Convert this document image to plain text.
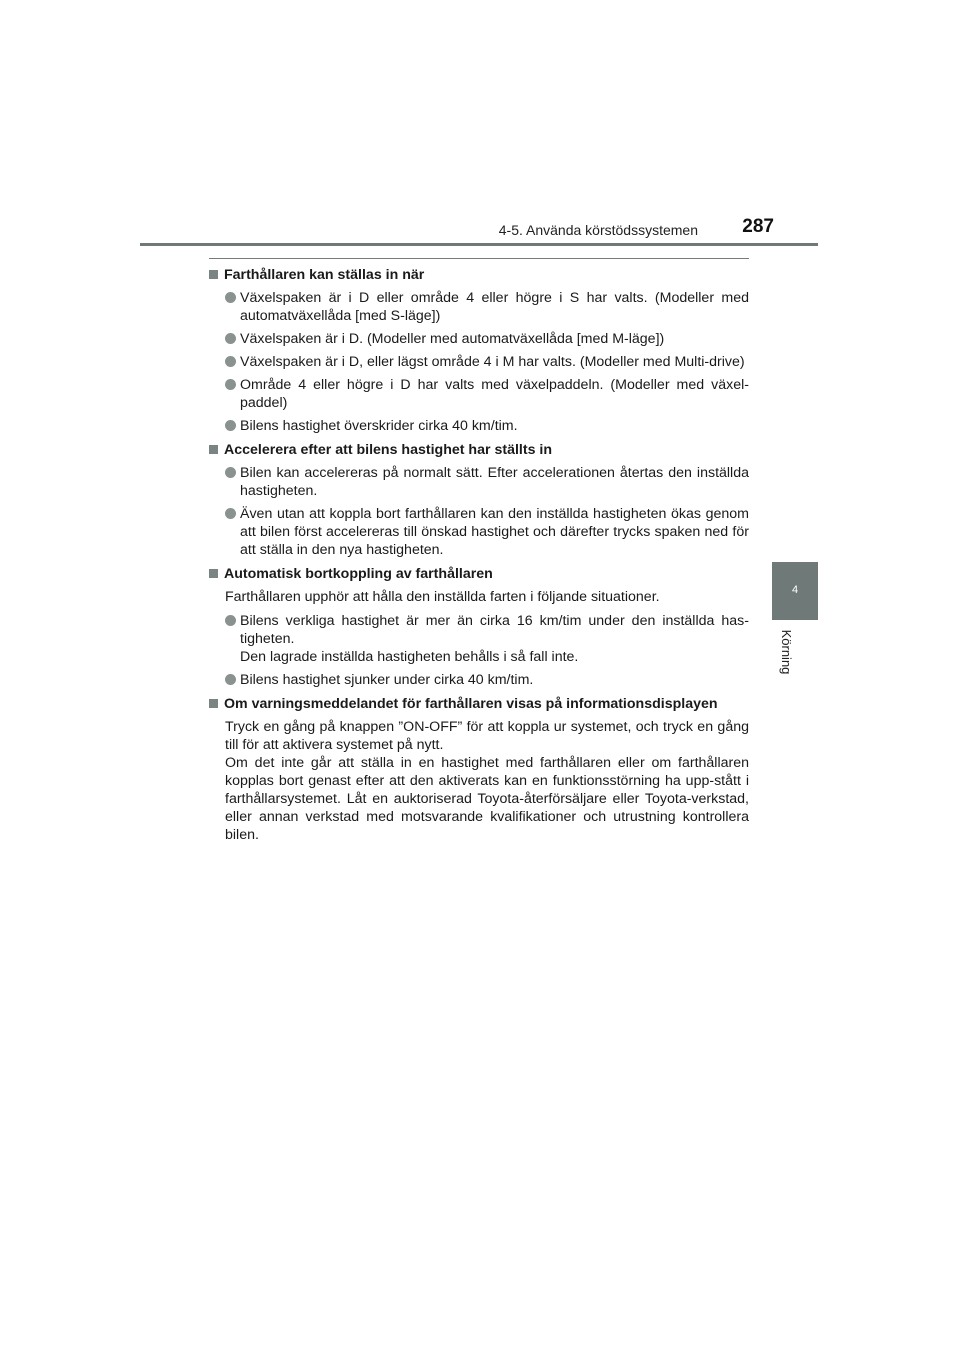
4-5. Använda körstödssystemen 287
4
Körning
Farthållaren kan ställas in när
Växelspaken är i D eller område 4 eller högre i S har valts. (Modeller med automatväxellåda [med S-läge])
Växelspaken är i D. (Modeller med automatväxellåda [med M-läge])
Växelspaken är i D, eller lägst område 4 i M har valts. (Modeller med Multi-drive)
Område 4 eller högre i D har valts med växelpaddeln. (Modeller med växel-paddel)
Bilens hastighet överskrider cirka 40 km/tim.
Accelerera efter att bilens hastighet har ställts in
Bilen kan accelereras på normalt sätt. Efter accelerationen återtas den inställda hastigheten.
Även utan att koppla bort farthållaren kan den inställda hastigheten ökas genom att bilen först accelereras till önskad hastighet och därefter trycks spaken ned för att ställa in den nya hastigheten.
Automatisk bortkoppling av farthållaren

Farthållaren upphör att hålla den inställda farten i följande situationer.

Bilens verkliga hastighet är mer än cirka 16 km/tim under den inställda has-tigheten.
Den lagrade inställda hastigheten behålls i så fall inte.
Bilens hastighet sjunker under cirka 40 km/tim.
Om varningsmeddelandet för farthållaren visas på informationsdisplayen

Tryck en gång på knappen ”ON-OFF” för att koppla ur systemet, och tryck en gång till för att aktivera systemet på nytt.

Om det inte går att ställa in en hastighet med farthållaren eller om farthållaren kopplas bort genast efter att den aktiverats kan en funktionsstörning ha upp-stått i farthållarsystemet. Låt en auktoriserad Toyota-återförsäljare eller Toyota-verkstad, eller annan verkstad med motsvarande kvalifikationer och utrustning kontrollera bilen.
